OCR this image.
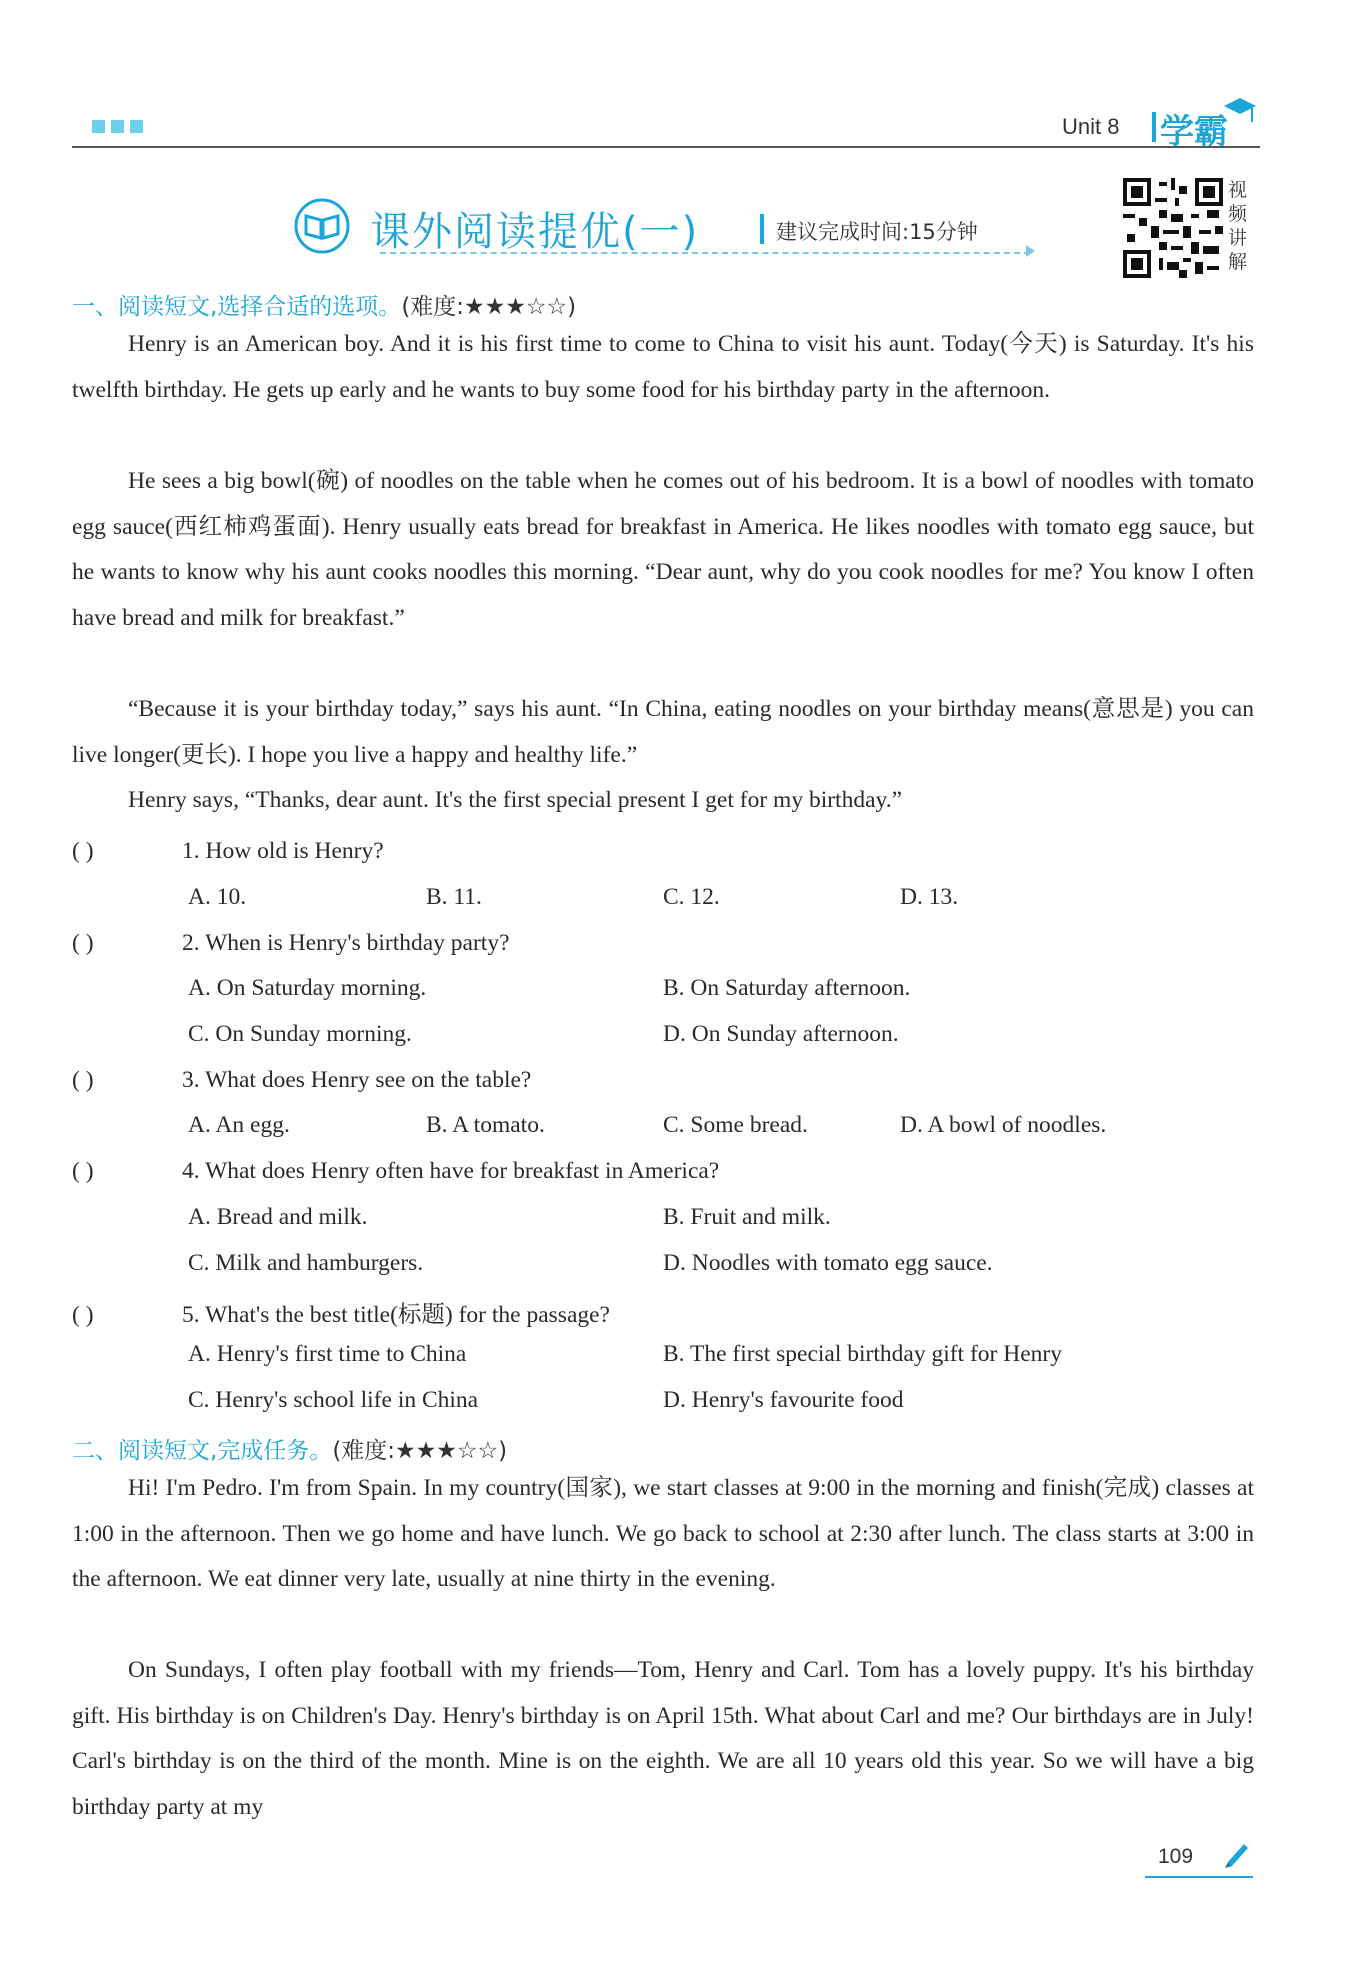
Unit 8 学霸
课外阅读提优(一)	建议完成时间:15分钟
视频讲解
一、阅读短文,选择合适的选项。(难度:★★★☆☆)

Henry is an American boy. And it is his first time to come to China to visit his aunt. Today(今天) is Saturday. It's his twelfth birthday. He gets up early and he wants to buy some food for his birthday party in the afternoon.

He sees a big bowl(碗) of noodles on the table when he comes out of his bedroom. It is a bowl of noodles with tomato egg sauce(西红柿鸡蛋面). Henry usually eats bread for breakfast in America. He likes noodles with tomato egg sauce, but he wants to know why his aunt cooks noodles this morning. “Dear aunt, why do you cook noodles for me? You know I often have bread and milk for breakfast.”

“Because it is your birthday today,” says his aunt. “In China, eating noodles on your birthday means(意思是) you can live longer(更长). I hope you live a happy and healthy life.”

Henry says, “Thanks, dear aunt. It's the first special present I get for my birthday.”

( )	1. How old is Henry?
A. 10.	B. 11.	C. 12.	D. 13.
( )	2. When is Henry's birthday party?
A. On Saturday morning.	B. On Saturday afternoon.
C. On Sunday morning.	D. On Sunday afternoon.
( )	3. What does Henry see on the table?
A. An egg.	B. A tomato.	C. Some bread.	D. A bowl of noodles.
( )	4. What does Henry often have for breakfast in America?
A. Bread and milk.	B. Fruit and milk.
C. Milk and hamburgers.	D. Noodles with tomato egg sauce.
( )	5. What's the best title(标题) for the passage?
A. Henry's first time to China	B. The first special birthday gift for Henry
C. Henry's school life in China	D. Henry's favourite food
二、阅读短文,完成任务。(难度:★★★☆☆)

Hi! I'm Pedro. I'm from Spain. In my country(国家), we start classes at 9:00 in the morning and finish(完成) classes at 1:00 in the afternoon. Then we go home and have lunch. We go back to school at 2:30 after lunch. The class starts at 3:00 in the afternoon. We eat dinner very late, usually at nine thirty in the evening.

On Sundays, I often play football with my friends—Tom, Henry and Carl. Tom has a lovely puppy. It's his birthday gift. His birthday is on Children's Day. Henry's birthday is on April 15th. What about Carl and me? Our birthdays are in July! Carl's birthday is on the third of the month. Mine is on the eighth. We are all 10 years old this year. So we will have a big birthday party at my

109
